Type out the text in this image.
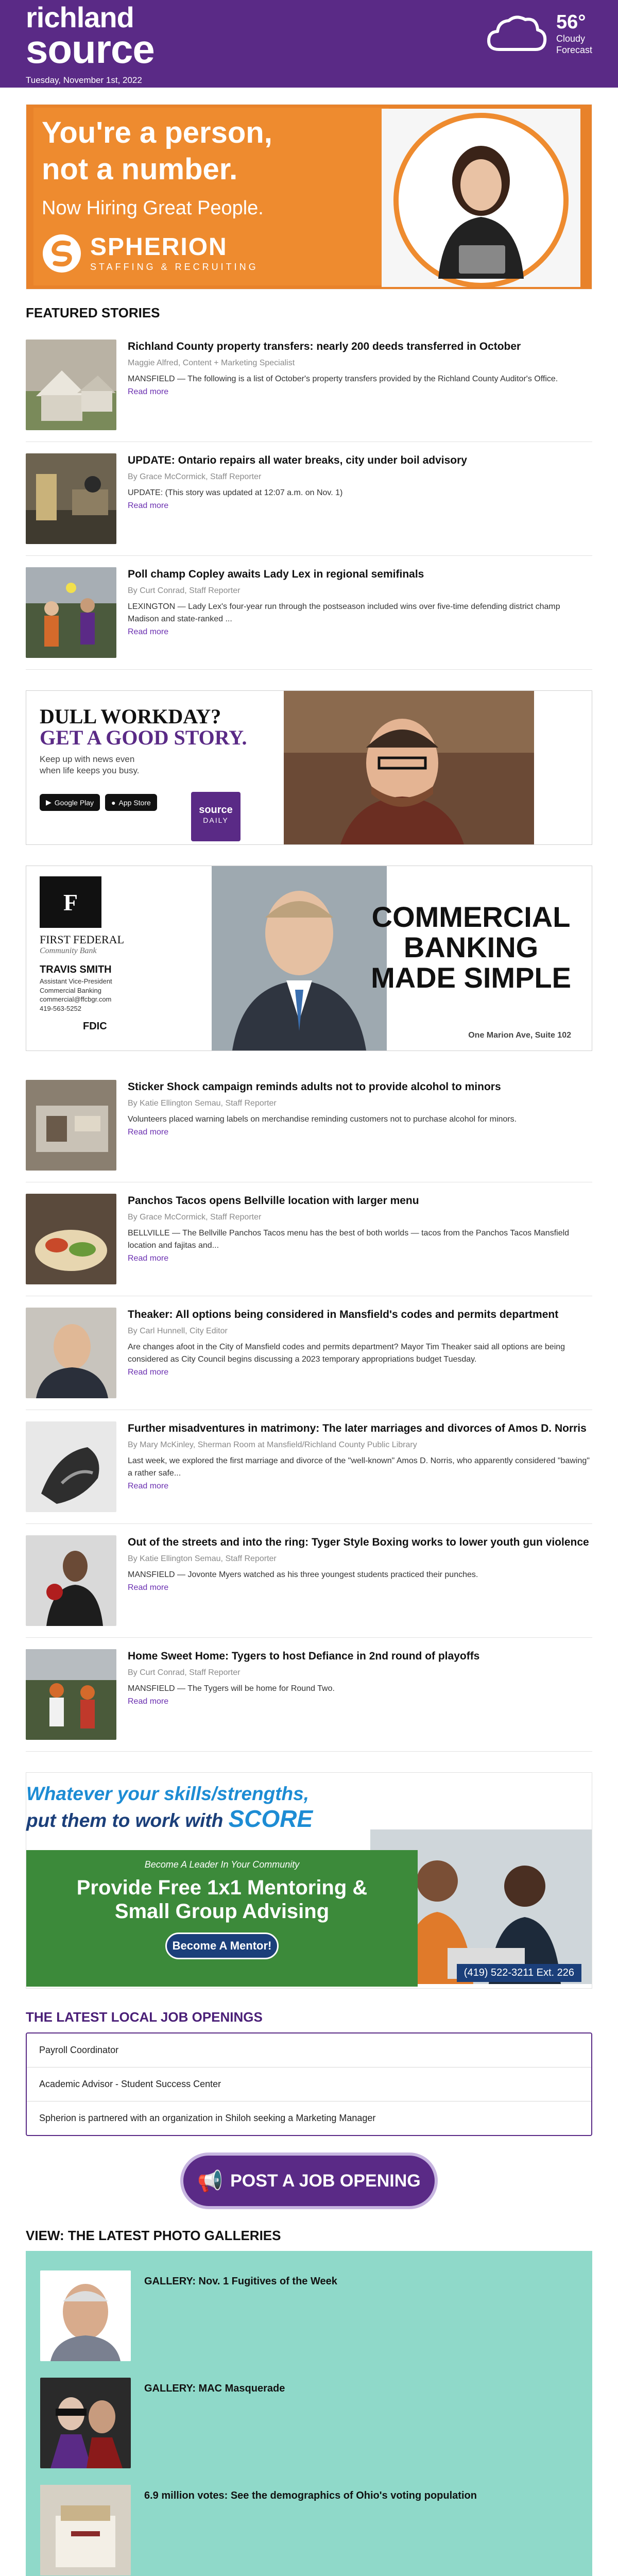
richland
source
Tuesday, November 1st, 2022
56°
Cloudy
Forecast
You're a person,
not a number.
Now Hiring Great People.
SPHERION
STAFFING & RECRUITING
FEATURED STORIES
Richland County property transfers: nearly 200 deeds transferred in October
Maggie Alfred, Content + Marketing Specialist
MANSFIELD — The following is a list of October's property transfers provided by the Richland County Auditor's Office.
Read more
UPDATE: Ontario repairs all water breaks, city under boil advisory
By Grace McCormick, Staff Reporter
UPDATE: (This story was updated at 12:07 a.m. on Nov. 1)
Read more
Poll champ Copley awaits Lady Lex in regional semifinals
By Curt Conrad, Staff Reporter
LEXINGTON — Lady Lex's four-year run through the postseason included wins over five-time defending district champ Madison and state-ranked ...
Read more
DULL WORKDAY?
GET A GOOD STORY.
Keep up with news even
when life keeps you busy.
▶ Google Play ● App Store
source
DAILY
F
FIRST FEDERAL
Community Bank
TRAVIS SMITH
Assistant Vice-President
Commercial Banking
commercial@ffcbgr.com
419-563-5252
FDIC
COMMERCIAL
BANKING
MADE SIMPLE
One Marion Ave, Suite 102
Sticker Shock campaign reminds adults not to provide alcohol to minors
By Katie Ellington Semau, Staff Reporter
Volunteers placed warning labels on merchandise reminding customers not to purchase alcohol for minors.
Read more
Panchos Tacos opens Bellville location with larger menu
By Grace McCormick, Staff Reporter
BELLVILLE — The Bellville Panchos Tacos menu has the best of both worlds — tacos from the Panchos Tacos Mansfield location and fajitas and...
Read more
Theaker: All options being considered in Mansfield's codes and permits department
By Carl Hunnell, City Editor
Are changes afoot in the City of Mansfield codes and permits department? Mayor Tim Theaker said all options are being considered as City Council begins discussing a 2023 temporary appropriations budget Tuesday.
Read more
Further misadventures in matrimony: The later marriages and divorces of Amos D. Norris
By Mary McKinley, Sherman Room at Mansfield/Richland County Public Library
Last week, we explored the first marriage and divorce of the "well-known" Amos D. Norris, who apparently considered "bawing" a rather safe...
Read more
Out of the streets and into the ring: Tyger Style Boxing works to lower youth gun violence
By Katie Ellington Semau, Staff Reporter
MANSFIELD — Jovonte Myers watched as his three youngest students practiced their punches.
Read more
Home Sweet Home: Tygers to host Defiance in 2nd round of playoffs
By Curt Conrad, Staff Reporter
MANSFIELD — The Tygers will be home for Round Two.
Read more
Whatever your skills/strengths,
put them to work with SCORE
Become A Leader In Your Community
Provide Free 1x1 Mentoring &
Small Group Advising
Become A Mentor!
(419) 522-3211 Ext. 226
THE LATEST LOCAL JOB OPENINGS
Payroll Coordinator
Academic Advisor - Student Success Center
Spherion is partnered with an organization in Shiloh seeking a Marketing Manager
📢 POST A JOB OPENING
VIEW: THE LATEST PHOTO GALLERIES
GALLERY: Nov. 1 Fugitives of the Week
GALLERY: MAC Masquerade
6.9 million votes: See the demographics of Ohio's voting population
